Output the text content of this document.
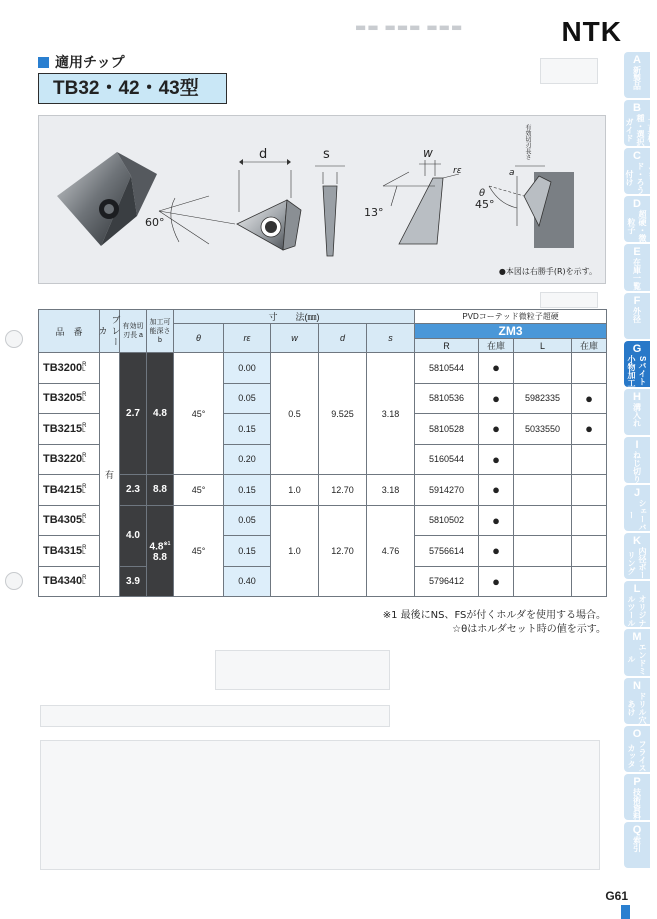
NTK
▬▬ ▬▬▬ ▬▬▬
適用チップ
TB32・42・43型
d	s	w
rε
60°
13°
θ
45°
a
有効切刃長さ
●本図は右勝手(R)を示す。
品　番	ブレーカ	有効切刃長 a	加工可能深さ b	寸　　法(㎜)					PVDコーテッド微粒子超硬			
				θ	rε	w	d	s	ZM3			
									R	在庫	L	在庫
TB3200R
L	有	2.7	4.8	45°	0.00	0.5	9.525	3.18	5810544	●		
TB3205R
L					0.05				5810536	●	5982335	●
TB3215R
L					0.15				5810528	●	5033550	●
TB3220R
L					0.20				5160544	●		
TB4215R
L		2.3	8.8	45°	0.15	1.0	12.70	3.18	5914270	●		
TB4305R
L		4.0	4.8$^{※1}$
8.8	45°	0.05	1.0	12.70	4.76	5810502	●		
TB4315R
L					0.15				5756614	●		
TB4340R
L		3.9			0.40				5796412	●		
※1 最後にNS、FSが付くホルダを使用する場合。
☆θはホルダセット時の値を示す。
A
新製品
B
工具材種・選択ガイド
C
ソリッド・ろう付け
D
超硬・微粒子
E
在庫一覧
F
外径
G
Sバイト小物加工
H
溝入れ
I
ねじ切り
J
シェーバー
K
内径ボーリング
L
オリジナルツール
M
エンドミル
N
ドリル穴あけ
O
フライスカッタ
P
技術資料
Q
索引
G61
